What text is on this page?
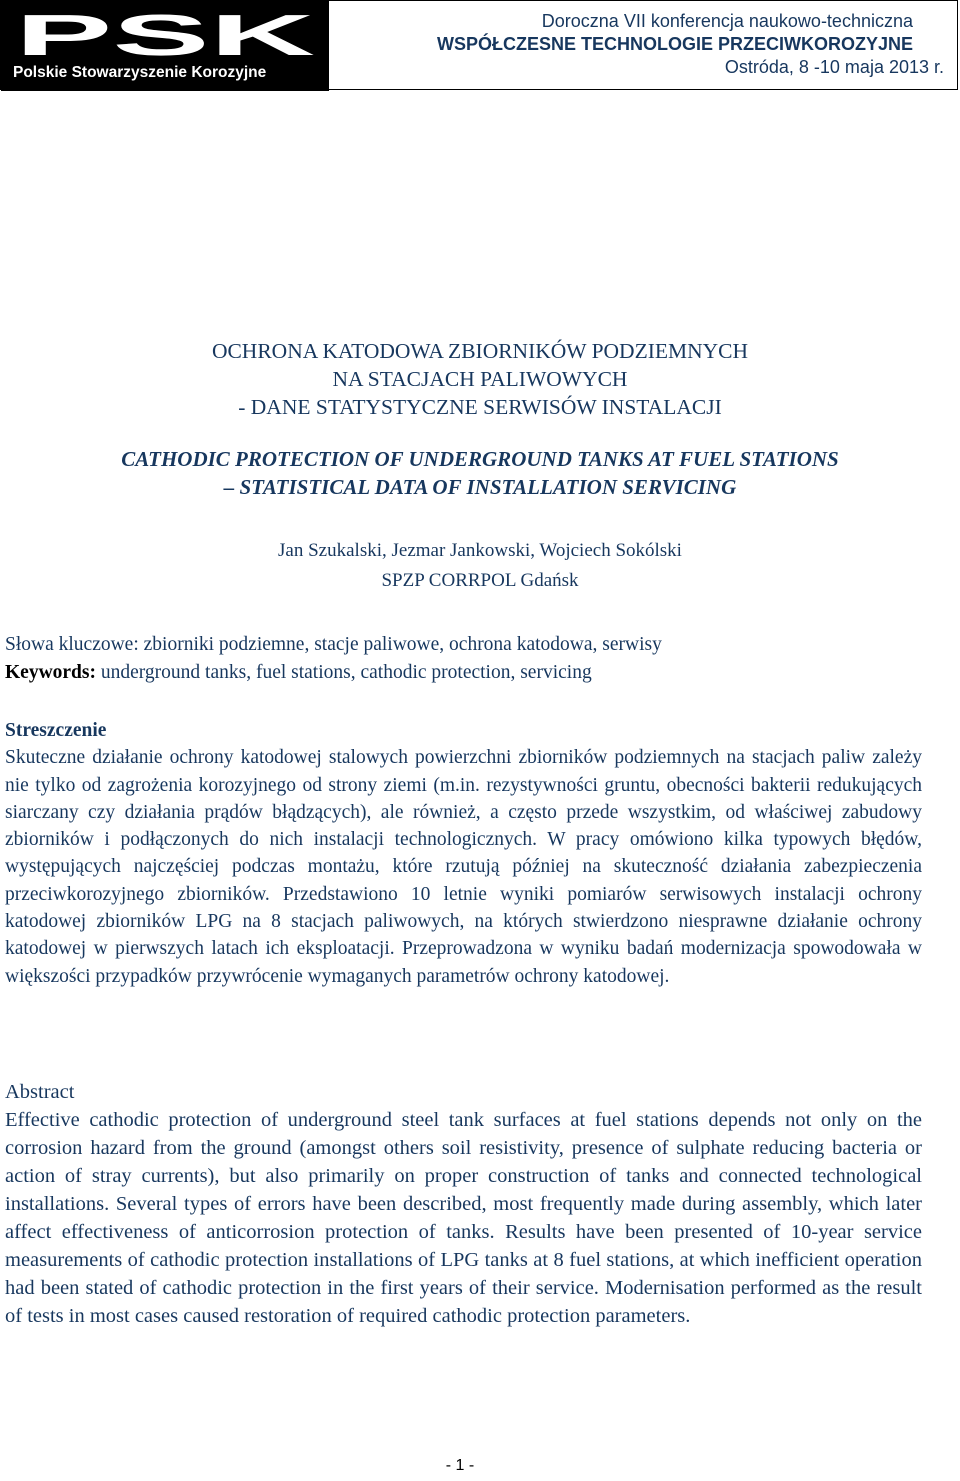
PSK
Polskie Stowarzyszenie Korozyjne
Doroczna VII konferencja naukowo-techniczna
WSPÓŁCZESNE TECHNOLOGIE PRZECIWKOROZYJNE
Ostróda, 8 -10 maja 2013 r.
OCHRONA KATODOWA ZBIORNIKÓW PODZIEMNYCH
NA STACJACH PALIWOWYCH
- DANE STATYSTYCZNE SERWISÓW INSTALACJI
CATHODIC PROTECTION OF UNDERGROUND TANKS AT FUEL STATIONS
– STATISTICAL DATA OF INSTALLATION SERVICING
Jan Szukalski, Jezmar Jankowski, Wojciech Sokólski
SPZP CORRPOL Gdańsk
Słowa kluczowe: zbiorniki podziemne, stacje paliwowe, ochrona katodowa, serwisy
Keywords: underground tanks, fuel stations, cathodic protection, servicing
Streszczenie

Skuteczne działanie ochrony katodowej stalowych powierzchni zbiorników podziemnych na stacjach paliw zależy nie tylko od zagrożenia korozyjnego od strony ziemi (m.in. rezystywności gruntu, obecności bakterii redukujących siarczany czy działania prądów błądzących), ale również, a często przede wszystkim, od właściwej zabudowy zbiorników i podłączonych do nich instalacji technologicznych. W pracy omówiono kilka typowych błędów, występujących najczęściej podczas montażu, które rzutują później na skuteczność działania zabezpieczenia przeciwkorozyjnego zbiorników. Przedstawiono 10 letnie wyniki pomiarów serwisowych instalacji ochrony katodowej zbiorników LPG na 8 stacjach paliwowych, na których stwierdzono niesprawne działanie ochrony katodowej w pierwszych latach ich eksploatacji. Przeprowadzona w wyniku badań modernizacja spowodowała w większości przypadków przywrócenie wymaganych parametrów ochrony katodowej.

Abstract

Effective cathodic protection of underground steel tank surfaces at fuel stations depends not only on the corrosion hazard from the ground (amongst others soil resistivity, presence of sulphate reducing bacteria or action of stray currents), but also primarily on proper construction of tanks and connected technological installations. Several types of errors have been described, most frequently made during assembly, which later affect effectiveness of anticorrosion protection of tanks. Results have been presented of 10-year service measurements of cathodic protection installations of LPG tanks at 8 fuel stations, at which inefficient operation had been stated of cathodic protection in the first years of their service. Modernisation performed as the result of tests in most cases caused restoration of required cathodic protection parameters.

- 1 -
